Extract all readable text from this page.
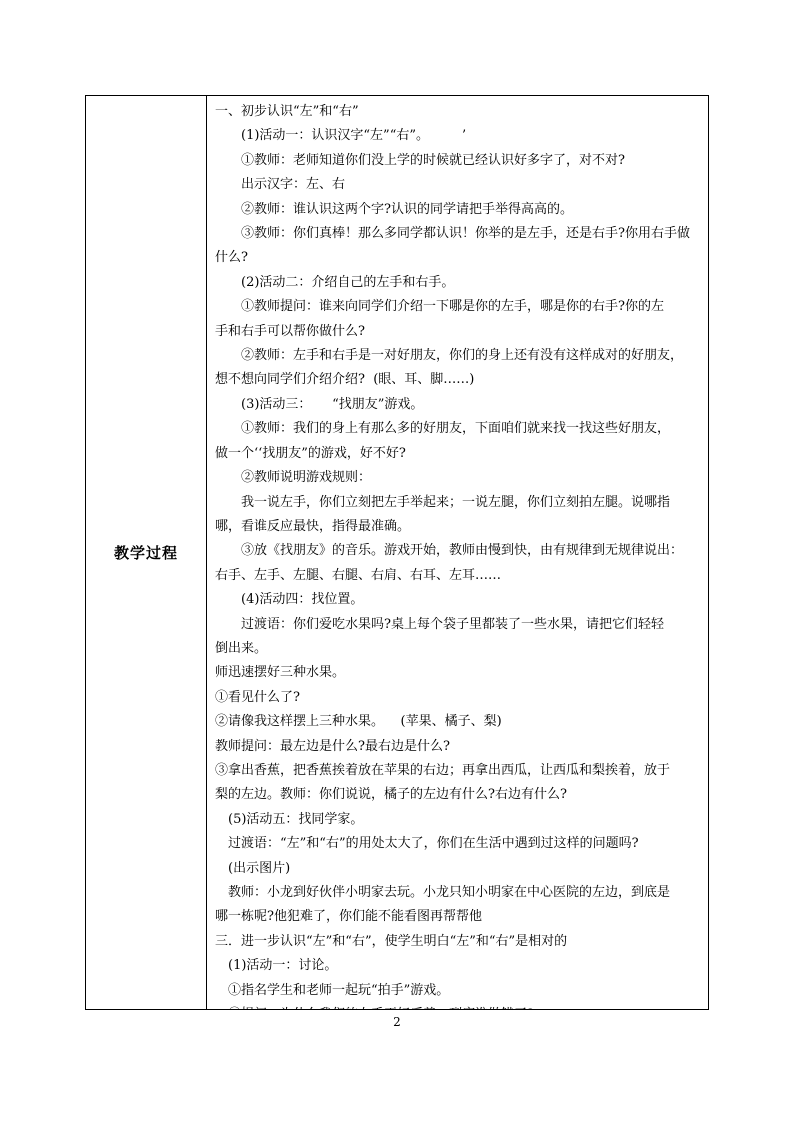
教学过程

一、初步认识“左”和“右”

(1)活动一：认识汉字“左”“右”。        ’

①教师：老师知道你们没上学的时候就已经认识好多字了，对不对?

出示汉字：左、右

②教师：谁认识这两个字?认识的同学请把手举得高高的。

③教师：你们真棒！那么多同学都认识！你举的是左手，还是右手?你用右手做

什么?

(2)活动二：介绍自己的左手和右手。

①教师提问：谁来向同学们介绍一下哪是你的左手，哪是你的右手?你的左

手和右手可以帮你做什么?

②教师：左手和右手是一对好朋友，你们的身上还有没有这样成对的好朋友，

想不想向同学们介绍介绍?  (眼、耳、脚……)

(3)活动三：     “找朋友”游戏。

①教师：我们的身上有那么多的好朋友，下面咱们就来找一找这些好朋友，

做一个‘‘找朋友”的游戏，好不好?

②教师说明游戏规则：

我一说左手，你们立刻把左手举起来；一说左腿，你们立刻拍左腿。说哪指

哪，看谁反应最快，指得最准确。

③放《找朋友》的音乐。游戏开始，教师由慢到快，由有规律到无规律说出：

右手、左手、左腿、右腿、右肩、右耳、左耳……

(4)活动四：找位置。

过渡语：你们爱吃水果吗?桌上每个袋子里都装了一些水果，请把它们轻轻

倒出来。

师迅速摆好三种水果。

①看见什么了?

②请像我这样摆上三种水果。    (苹果、橘子、梨)

教师提问：最左边是什么?最右边是什么?

③拿出香蕉，把香蕉挨着放在苹果的右边；再拿出西瓜，让西瓜和梨挨着，放于

梨的左边。教师：你们说说，橘子的左边有什么?右边有什么?

(5)活动五：找同学家。

过渡语：“左”和“右”的用处太大了，你们在生活中遇到过这样的问题吗?

(出示图片)

教师：小龙到好伙伴小明家去玩。小龙只知小明家在中心医院的左边，到底是

哪一栋呢?他犯难了，你们能不能看图再帮帮他

三．进一步认识“左”和“右”，使学生明白“左”和“右”是相对的

(1)活动一：讨论。

①指名学生和老师一起玩“拍手”游戏。

2
